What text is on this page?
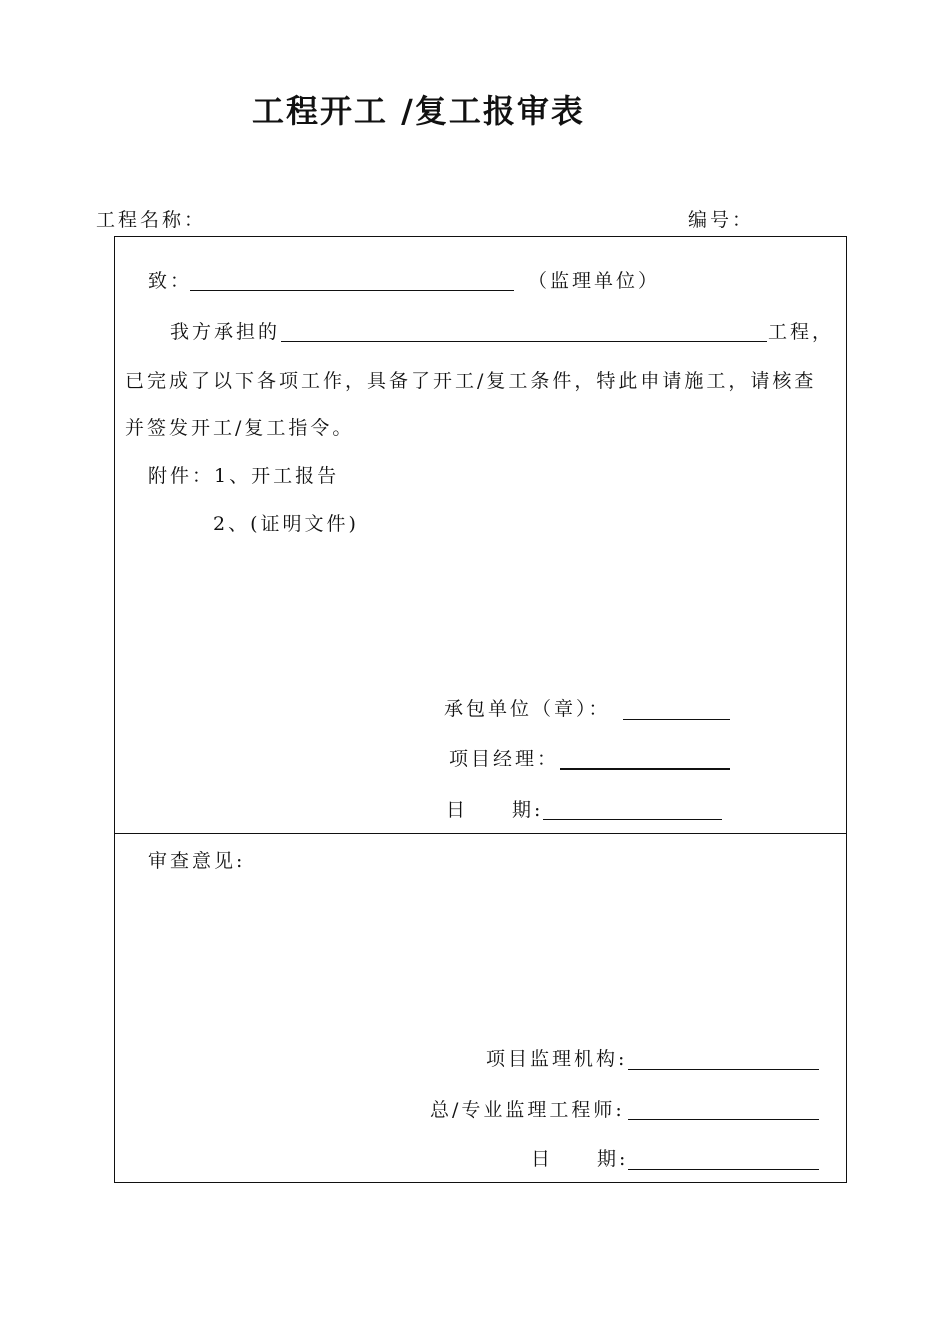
工程开工 /复工报审表
工程名称：	编号：
致：	（监理单位）
我方承担的	工程，
已完成了以下各项工作，具备了开工/复工条件，特此申请施工，请核查
并签发开工/复工指令。
附件：1、开工报告
2、(证明文件)
承包单位（章）：
项目经理：
日　　期:
审查意见:
项目监理机构:
总/专业监理工程师:
日　　期:
